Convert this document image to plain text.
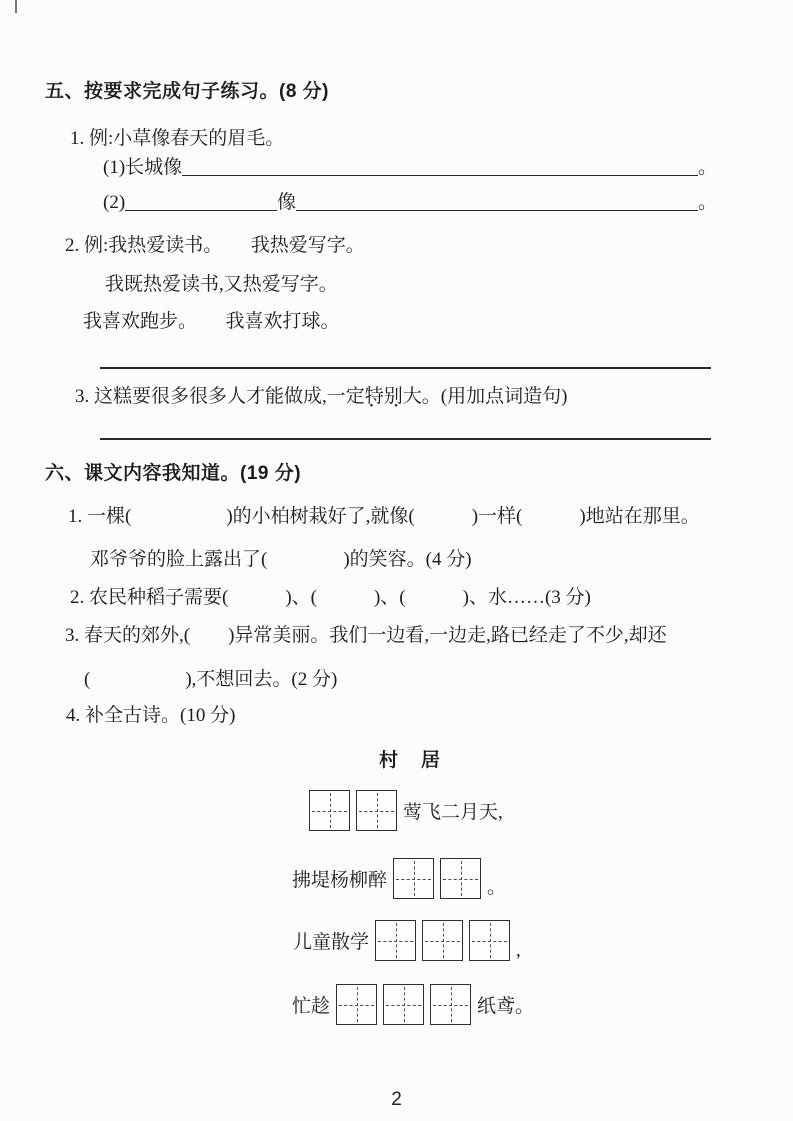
五、按要求完成句子练习。(8 分)
1. 例:小草像春天的眉毛。
(1)长城像	。
(2)	像	。
2. 例:我热爱读书。　　我热爱写字。
我既热爱读书,又热爱写字。
我喜欢跑步。　　我喜欢打球。
3. 这糕要很多很多人才能做成,一定特别 • •大。(用加点词造句)
六、课文内容我知道。(19 分)
1. 一棵(　　　　　)的小柏树栽好了,就像(　　　)一样(　　　)地站在那里。
邓爷爷的脸上露出了(　　　　)的笑容。(4 分)
2. 农民种稻子需要(　　　)、(　　　)、(　　　)、水……(3 分)
3. 春天的郊外,(　　)异常美丽。我们一边看,一边走,路已经走了不少,却还
(　　　　　),不想回去。(2 分)
4. 补全古诗。(10 分)
村　居
莺飞二月天,
拂堤杨柳醉	。
儿童散学	,
忙趁	纸鸢。
2
